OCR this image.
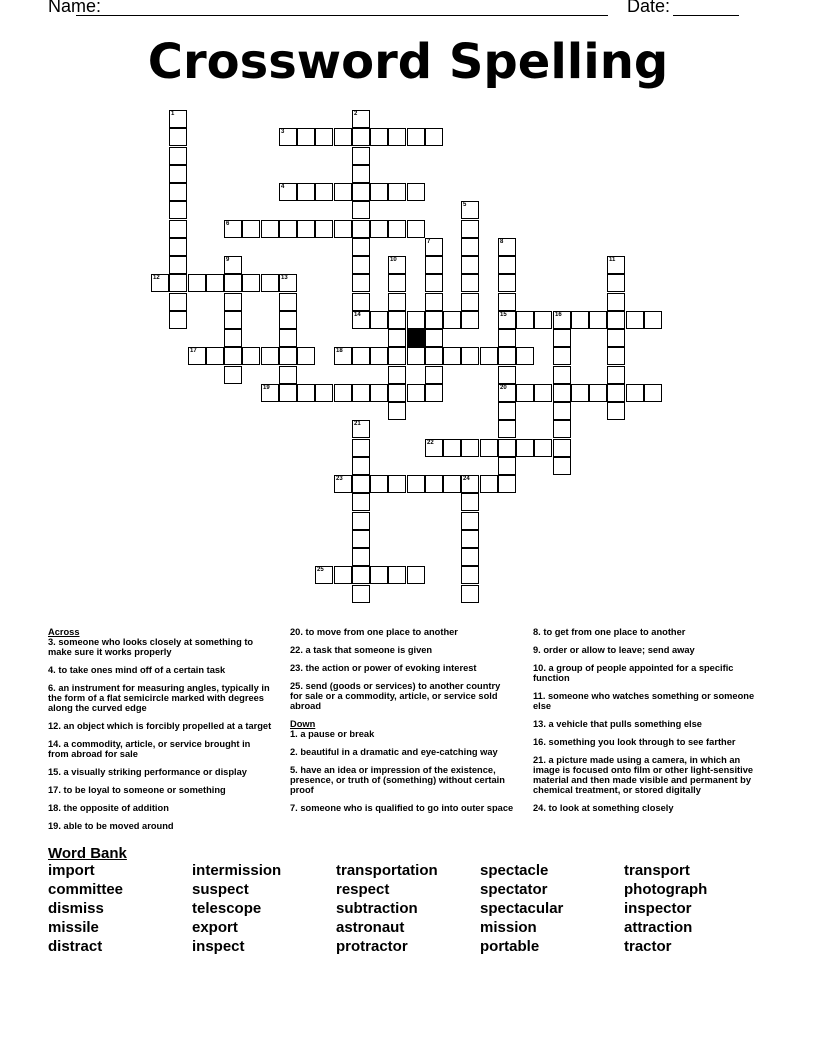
Name:	Date:
Crossword Spelling
3
4
6
12
14	15	16
17	18
19	20
22
23	24
25
1	2
5
7	8
9	10	11
13
21
Across
3. someone who looks closely at something to make sure it works properly
4. to take ones mind off of a certain task
6. an instrument for measuring angles, typically in the form of a flat semicircle marked with degrees along the curved edge
12. an object which is forcibly propelled at a target
14. a commodity, article, or service brought in from abroad for sale
15. a visually striking performance or display
17. to be loyal to someone or something
18. the opposite of addition
19. able to be moved around
20. to move from one place to another
22. a task that someone is given
23. the action or power of evoking interest
25. send (goods or services) to another country for sale or a commodity, article, or service sold abroad
Down
1. a pause or break
2. beautiful in a dramatic and eye-catching way
5. have an idea or impression of the existence, presence, or truth of (something) without certain proof
7. someone who is qualified to go into outer space
8. to get from one place to another
9. order or allow to leave; send away
10. a group of people appointed for a specific function
11. someone who watches something or someone else
13. a vehicle that pulls something else
16. something you look through to see farther
21. a picture made using a camera, in which an image is focused onto film or other light-sensitive material and then made visible and permanent by chemical treatment, or stored digitally
24. to look at something closely
Word Bank
import
committee
dismiss
missile
distract
intermission
suspect
telescope
export
inspect
transportation
respect
subtraction
astronaut
protractor
spectacle
spectator
spectacular
mission
portable
transport
photograph
inspector
attraction
tractor
